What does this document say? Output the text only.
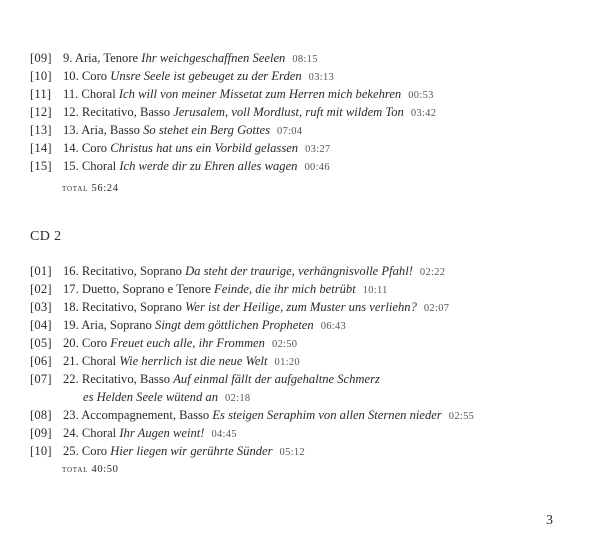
[09] 9. Aria, Tenore Ihr weichgeschaffnen Seelen 08:15
[10] 10. Coro Unsre Seele ist gebeuget zu der Erden 03:13
[11] 11. Choral Ich will von meiner Missetat zum Herren mich bekehren 00:53
[12] 12. Recitativo, Basso Jerusalem, voll Mordlust, ruft mit wildem Ton 03:42
[13] 13. Aria, Basso So stehet ein Berg Gottes 07:04
[14] 14. Coro Christus hat uns ein Vorbild gelassen 03:27
[15] 15. Choral Ich werde dir zu Ehren alles wagen 00:46
total 56:24
CD 2
[01] 16. Recitativo, Soprano Da steht der traurige, verhängnisvolle Pfahl! 02:22
[02] 17. Duetto, Soprano e Tenore Feinde, die ihr mich betrübt 10:11
[03] 18. Recitativo, Soprano Wer ist der Heilige, zum Muster uns verliehn? 02:07
[04] 19. Aria, Soprano Singt dem göttlichen Propheten 06:43
[05] 20. Coro Freuet euch alle, ihr Frommen 02:50
[06] 21. Choral Wie herrlich ist die neue Welt 01:20
[07] 22. Recitativo, Basso Auf einmal fällt der aufgehaltne Schmerz
es Helden Seele wütend an 02:18
[08] 23. Accompagnement, Basso Es steigen Seraphim von allen Sternen nieder 02:55
[09] 24. Choral Ihr Augen weint! 04:45
[10] 25. Coro Hier liegen wir gerührte Sünder 05:12
total 40:50
3
